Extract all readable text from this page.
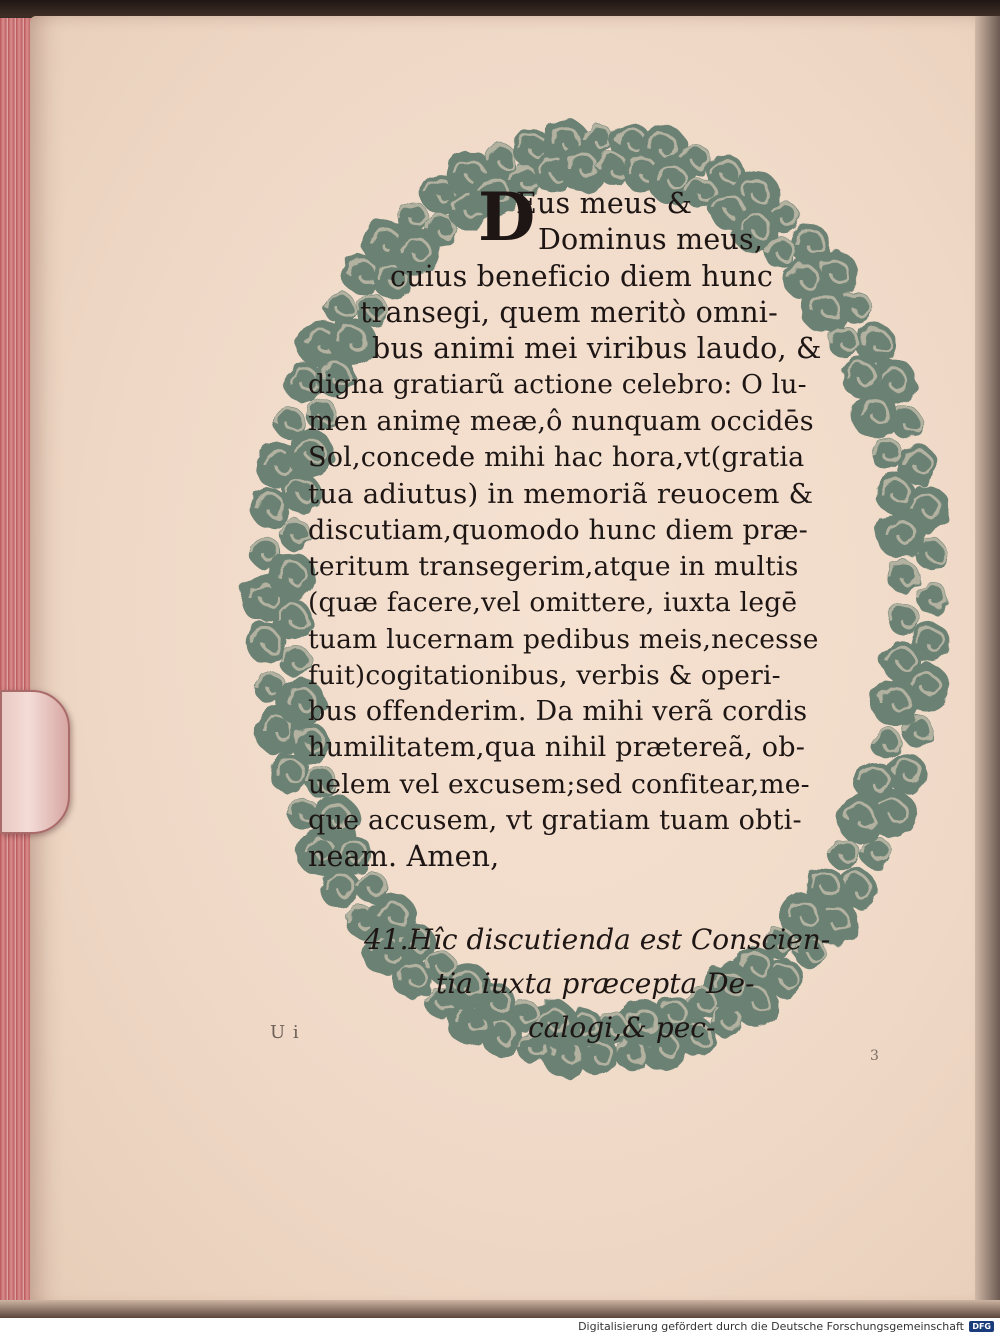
D
Eus meus &
Dominus meus,
cuius beneficio diem hunc
transegi, quem meritò omni-
bus animi mei viribus laudo, &
digna gratiarũ actione celebro: O lu-
men animę meæ,ô nunquam occidēs
Sol,concede mihi hac hora,vt(gratia
tua adiutus) in memoriã reuocem &
discutiam,quomodo hunc diem præ-
teritum transegerim,atque in multis
(quæ facere,vel omittere, iuxta legē
tuam lucernam pedibus meis,necesse
fuit)cogitationibus, verbis & operi-
bus offenderim. Da mihi verã cordis
humilitatem,qua nihil prætereã, ob-
uelem vel excusem;sed confitear,me-
que accusem, vt gratiam tuam obti-
neam. Amen,
41.Hîc discutienda est Conscien-
tia iuxta præcepta De-
calogi,& pec-
U i
3
Digitalisierung gefördert durch die Deutsche Forschungsgemeinschaft	DFG
